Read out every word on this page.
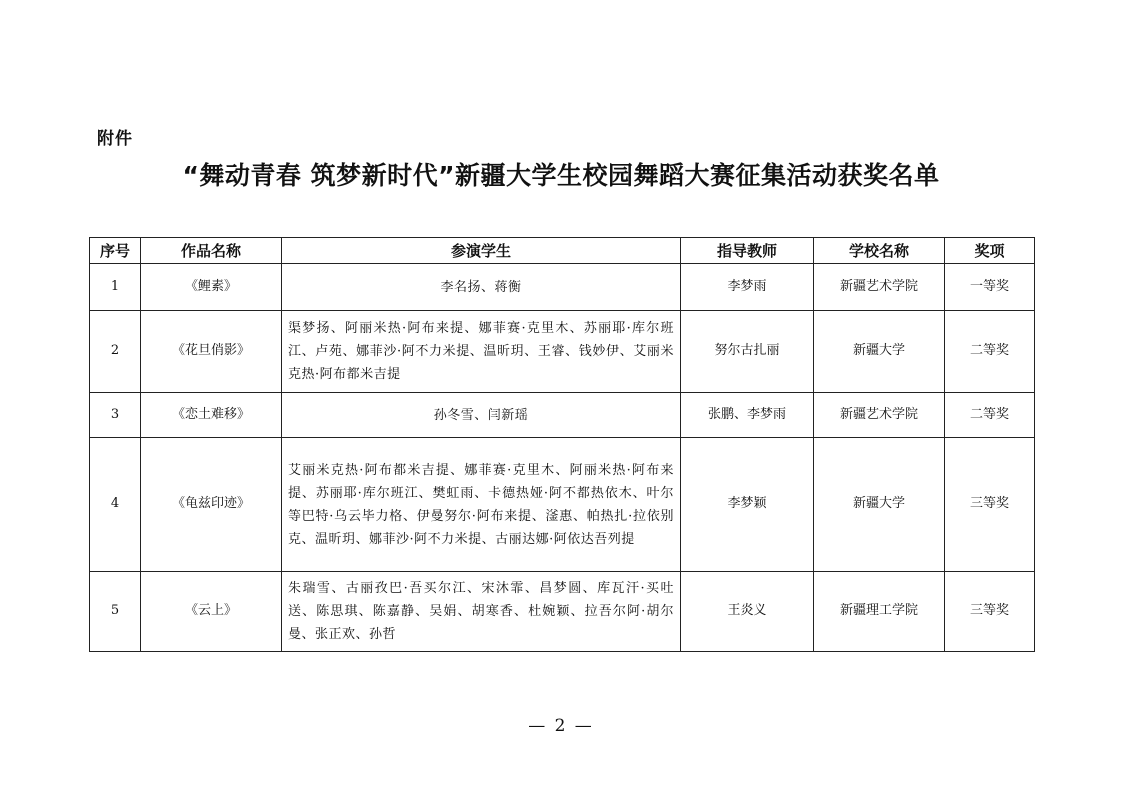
附件
“舞动青春 筑梦新时代”新疆大学生校园舞蹈大赛征集活动获奖名单
序号	作品名称	参演学生	指导教师	学校名称	奖项
1	《鲤素》	李名扬、蒋衡	李梦雨	新疆艺术学院	一等奖
2	《花旦俏影》	渠梦扬、阿丽米热·阿布来提、娜菲赛·克里木、苏丽耶·库尔班江、卢苑、娜菲沙·阿不力米提、温昕玥、王睿、钱妙伊、艾丽米克热·阿布都米吉提	努尔古扎丽	新疆大学	二等奖
3	《恋土难移》	孙冬雪、闫新瑶	张鹏、李梦雨	新疆艺术学院	二等奖
4	《龟兹印迹》	艾丽米克热·阿布都米吉提、娜菲赛·克里木、阿丽米热·阿布来提、苏丽耶·库尔班江、樊虹雨、卡德热娅·阿不都热依木、叶尔等巴特·乌云毕力格、伊曼努尔·阿布来提、滏惠、帕热扎·拉依别克、温昕玥、娜菲沙·阿不力米提、古丽达娜·阿依达吾列提	李梦颖	新疆大学	三等奖
5	《云上》	朱瑞雪、古丽孜巴·吾买尔江、宋沐霏、昌梦圆、库瓦汗·买吐送、陈思琪、陈嘉静、吴娟、胡寒香、杜婉颖、拉吾尔阿·胡尔曼、张正欢、孙哲	王炎义	新疆理工学院	三等奖
— 2 —
